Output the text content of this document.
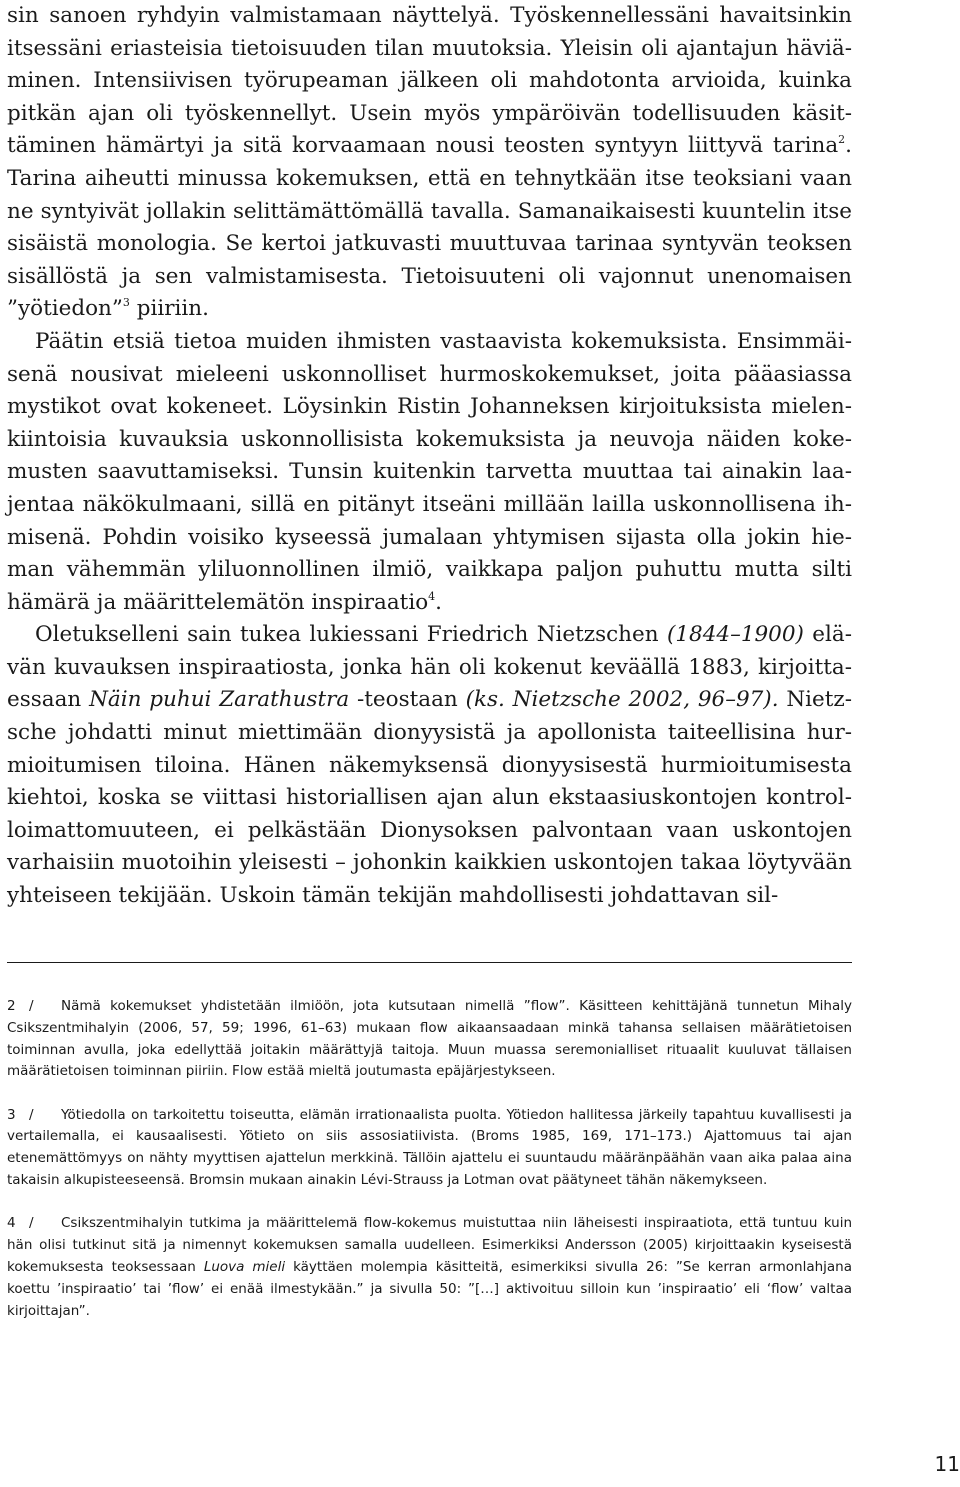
sin sanoen ryhdyin valmistamaan näyttelyä. Työskennellessäni havaitsinkin itsessäni eriasteisia tietoisuuden tilan muutoksia. Yleisin oli ajantajun häviäminen. Intensiivisen työrupeaman jälkeen oli mahdotonta arvioida, kuinka pitkän ajan oli työskennellyt. Usein myös ympäröivän todellisuuden käsittäminen hämärtyi ja sitä korvaamaan nousi teosten syntyyn liittyvä tarina$^2$. Tarina aiheutti minussa kokemuksen, että en tehnytkään itse teoksiani vaan ne syntyivät jollakin selittämättömällä tavalla. Samanaikaisesti kuuntelin itse sisäistä monologia. Se kertoi jatkuvasti muuttuvaa tarinaa syntyvän teoksen sisällöstä ja sen valmistamisesta. Tietoisuuteni oli vajonnut unenomaisen ”yötiedon”$^3$ piiriin.

Päätin etsiä tietoa muiden ihmisten vastaavista kokemuksista. Ensimmäisenä nousivat mieleeni uskonnolliset hurmoskokemukset, joita pääasiassa mystikot ovat kokeneet. Löysinkin Ristin Johanneksen kirjoituksista mielenkiintoisia kuvauksia uskonnollisista kokemuksista ja neuvoja näiden kokemusten saavuttamiseksi. Tunsin kuitenkin tarvetta muuttaa tai ainakin laajentaa näkökulmaani, sillä en pitänyt itseäni millään lailla uskonnollisena ihmisenä. Pohdin voisiko kyseessä jumalaan yhtymisen sijasta olla jokin hieman vähemmän yliluonnollinen ilmiö, vaikkapa paljon puhuttu mutta silti hämärä ja määrittelemätön inspiraatio$^4$.

Oletukselleni sain tukea lukiessani Friedrich Nietzschen (1844–1900) elävän kuvauksen inspiraatiosta, jonka hän oli kokenut keväällä 1883, kirjoittaessaan Näin puhui Zarathustra -teostaan (ks. Nietzsche 2002, 96–97). Nietzsche johdatti minut miettimään dionyysistä ja apollonista taiteellisina hurmioitumisen tiloina. Hänen näkemyksensä dionyysisestä hurmioitumisesta kiehtoi, koska se viittasi historiallisen ajan alun ekstaasiuskontojen kontrolloimattomuuteen, ei pelkästään Dionysoksen palvontaan vaan uskontojen varhaisiin muotoihin yleisesti – johonkin kaikkien uskontojen takaa löytyvään yhteiseen tekijään. Uskoin tämän tekijän mahdollisesti johdattavan sil-

2 / Nämä kokemukset yhdistetään ilmiöön, jota kutsutaan nimellä ”flow”. Käsitteen kehittäjänä tunnetun Mihaly Csikszentmihalyin (2006, 57, 59; 1996, 61–63) mukaan flow aikaansaadaan minkä tahansa sellaisen määrätietoisen toiminnan avulla, joka edellyttää joitakin määrättyjä taitoja. Muun muassa seremonialliset rituaalit kuuluvat tällaisen määrätietoisen toiminnan piiriin. Flow estää mieltä joutumasta epäjärjestykseen.

3 / Yötiedolla on tarkoitettu toiseutta, elämän irrationaalista puolta. Yötiedon hallitessa järkeily tapahtuu kuvallisesti ja vertailemalla, ei kausaalisesti. Yötieto on siis assosiatiivista. (Broms 1985, 169, 171–173.) Ajattomuus tai ajan etenemättömyys on nähty myyttisen ajattelun merkkinä. Tällöin ajattelu ei suuntaudu määränpäähän vaan aika palaa aina takaisin alkupisteeseensä. Bromsin mukaan ainakin Lévi-Strauss ja Lotman ovat päätyneet tähän näkemykseen.

4 / Csikszentmihalyin tutkima ja määrittelemä flow-kokemus muistuttaa niin läheisesti inspiraatiota, että tuntuu kuin hän olisi tutkinut sitä ja nimennyt kokemuksen samalla uudelleen. Esimerkiksi Andersson (2005) kirjoittaakin kyseisestä kokemuksesta teoksessaan Luova mieli käyttäen molempia käsitteitä, esimerkiksi sivulla 26: ”Se kerran armonlahjana koettu ’inspiraatio’ tai ’flow’ ei enää ilmestykään.” ja sivulla 50: ”[…] aktivoituu silloin kun ’inspiraatio’ eli ‘flow’ valtaa kirjoittajan”.

11
